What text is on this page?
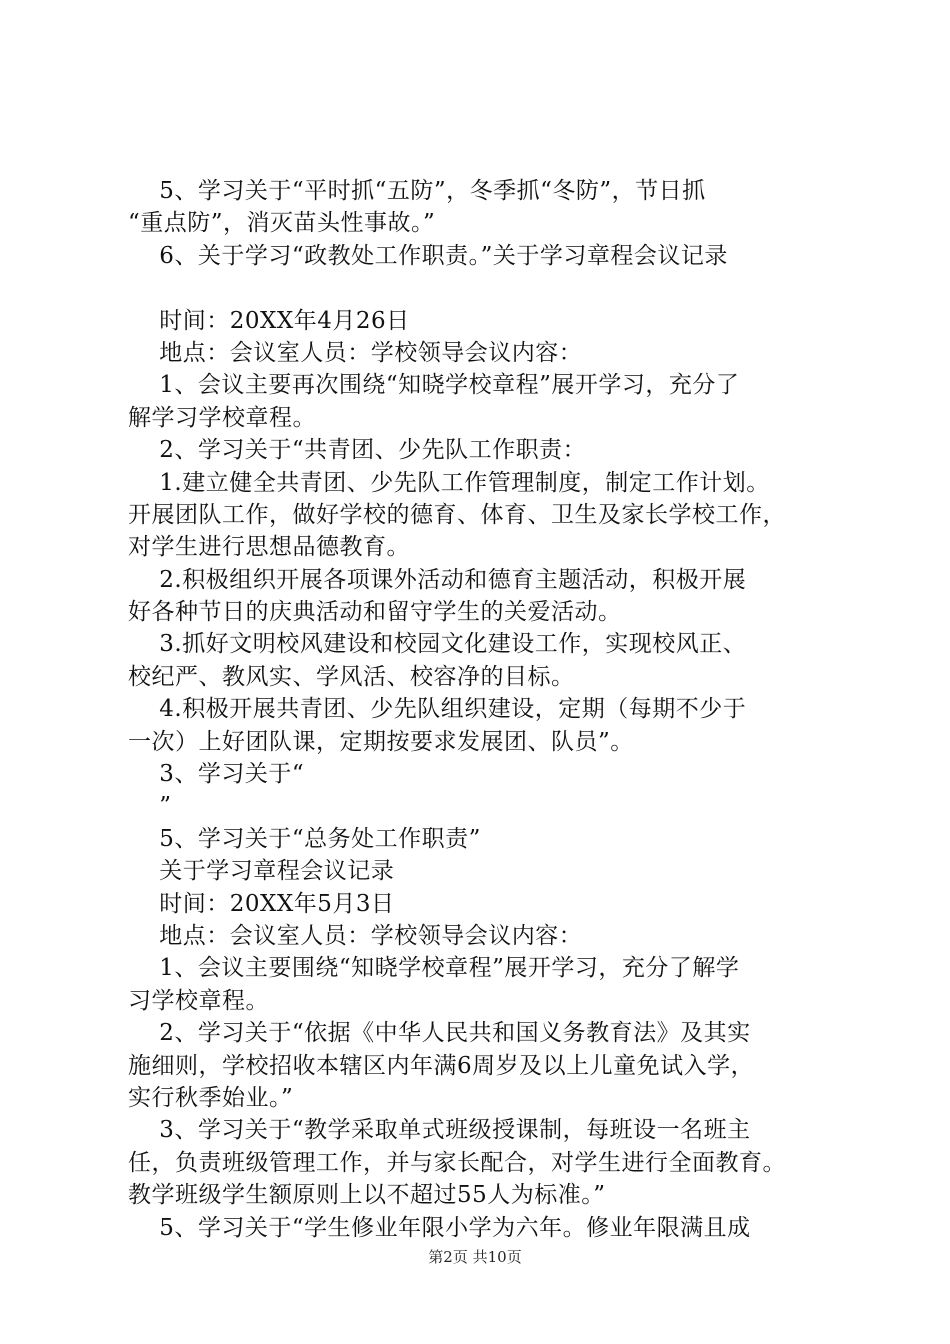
5、学习关于“平时抓“五防”，冬季抓“冬防”，节日抓
“重点防”，消灭苗头性事故。”
6、关于学习“政教处工作职责。”关于学习章程会议记录
时间：20XX年4月26日
地点：会议室人员：学校领导会议内容：
1、会议主要再次围绕“知晓学校章程”展开学习，充分了
解学习学校章程。
2、学习关于“共青团、少先队工作职责：
1.建立健全共青团、少先队工作管理制度，制定工作计划。
开展团队工作，做好学校的德育、体育、卫生及家长学校工作，
对学生进行思想品德教育。
2.积极组织开展各项课外活动和德育主题活动，积极开展
好各种节日的庆典活动和留守学生的关爱活动。
3.抓好文明校风建设和校园文化建设工作，实现校风正、
校纪严、教风实、学风活、校容净的目标。
4.积极开展共青团、少先队组织建设，定期（每期不少于
一次）上好团队课，定期按要求发展团、队员”。
3、学习关于“
”
5、学习关于“总务处工作职责”
关于学习章程会议记录
时间：20XX年5月3日
地点：会议室人员：学校领导会议内容：
1、会议主要围绕“知晓学校章程”展开学习，充分了解学
习学校章程。
2、学习关于“依据《中华人民共和国义务教育法》及其实
施细则，学校招收本辖区内年满6周岁及以上儿童免试入学，
实行秋季始业。”
3、学习关于“教学采取单式班级授课制，每班设一名班主
任，负责班级管理工作，并与家长配合，对学生进行全面教育。
教学班级学生额原则上以不超过55人为标准。”
5、学习关于“学生修业年限小学为六年。修业年限满且成
第2页 共10页
